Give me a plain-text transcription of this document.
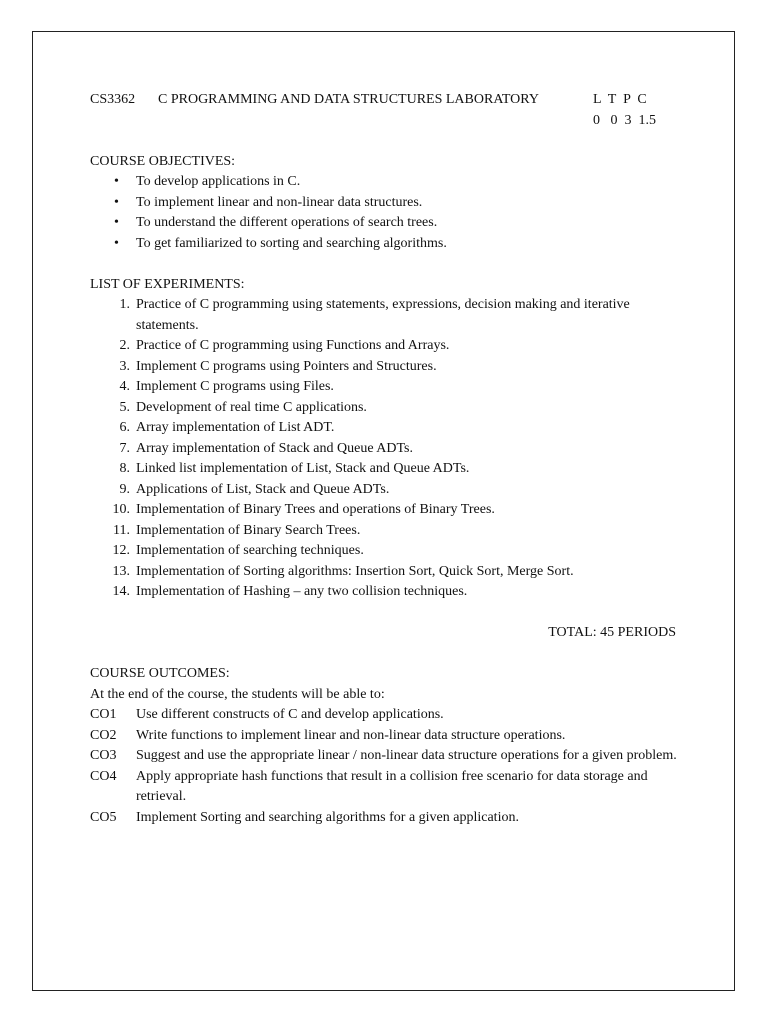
CS3362 C PROGRAMMING AND DATA STRUCTURES LABORATORY	L  T  P  C
0   0  3  1.5

COURSE OBJECTIVES:

• To develop applications in C.
• To implement linear and non-linear data structures.
• To understand the different operations of search trees.
• To get familiarized to sorting and searching algorithms.

LIST OF EXPERIMENTS:

1. Practice of C programming using statements, expressions, decision making and iterative statements.
2. Practice of C programming using Functions and Arrays.
3. Implement C programs using Pointers and Structures.
4. Implement C programs using Files.
5. Development of real time C applications.
6. Array implementation of List ADT.
7. Array implementation of Stack and Queue ADTs.
8. Linked list implementation of List, Stack and Queue ADTs.
9. Applications of List, Stack and Queue ADTs.
10. Implementation of Binary Trees and operations of Binary Trees.
11. Implementation of Binary Search Trees.
12. Implementation of searching techniques.
13. Implementation of Sorting algorithms: Insertion Sort, Quick Sort, Merge Sort.
14. Implementation of Hashing – any two collision techniques.
TOTAL: 45 PERIODS

COURSE OUTCOMES:

At the end of the course, the students will be able to:

CO1 Use different constructs of C and develop applications.
CO2 Write functions to implement linear and non-linear data structure operations.
CO3 Suggest and use the appropriate linear / non-linear data structure operations for a given problem.
CO4 Apply appropriate hash functions that result in a collision free scenario for data storage and retrieval.
CO5 Implement Sorting and searching algorithms for a given application.
